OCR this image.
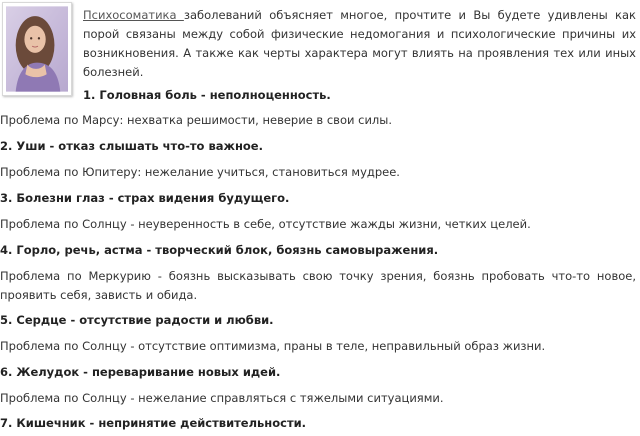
Психосоматика заболеваний объясняет многое, прочтите и Вы будете удивлены как порой связаны между собой физические недомогания и психологические причины их возникновения. А также как черты характера могут влиять на проявления тех или иных болезней.

1. Головная боль - неполноценность.

Проблема по Марсу: нехватка решимости, неверие в свои силы.

2. Уши - отказ слышать что-то важное.

Проблема по Юпитеру: нежелание учиться, становиться мудрее.

3. Болезни глаз - страх видения будущего.

Проблема по Солнцу - неуверенность в себе, отсутствие жажды жизни, четких целей.

4. Горло, речь, астма - творческий блок, боязнь самовыражения.

Проблема по Меркурию - боязнь высказывать свою точку зрения, боязнь пробовать что-то новое, проявить себя, зависть и обида.

5. Сердце - отсутствие радости и любви.

Проблема по Солнцу - отсутствие оптимизма, праны в теле, неправильный образ жизни.

6. Желудок - переваривание новых идей.

Проблема по Солнцу - нежелание справляться с тяжелыми ситуациями.

7. Кишечник - непринятие действительности.
